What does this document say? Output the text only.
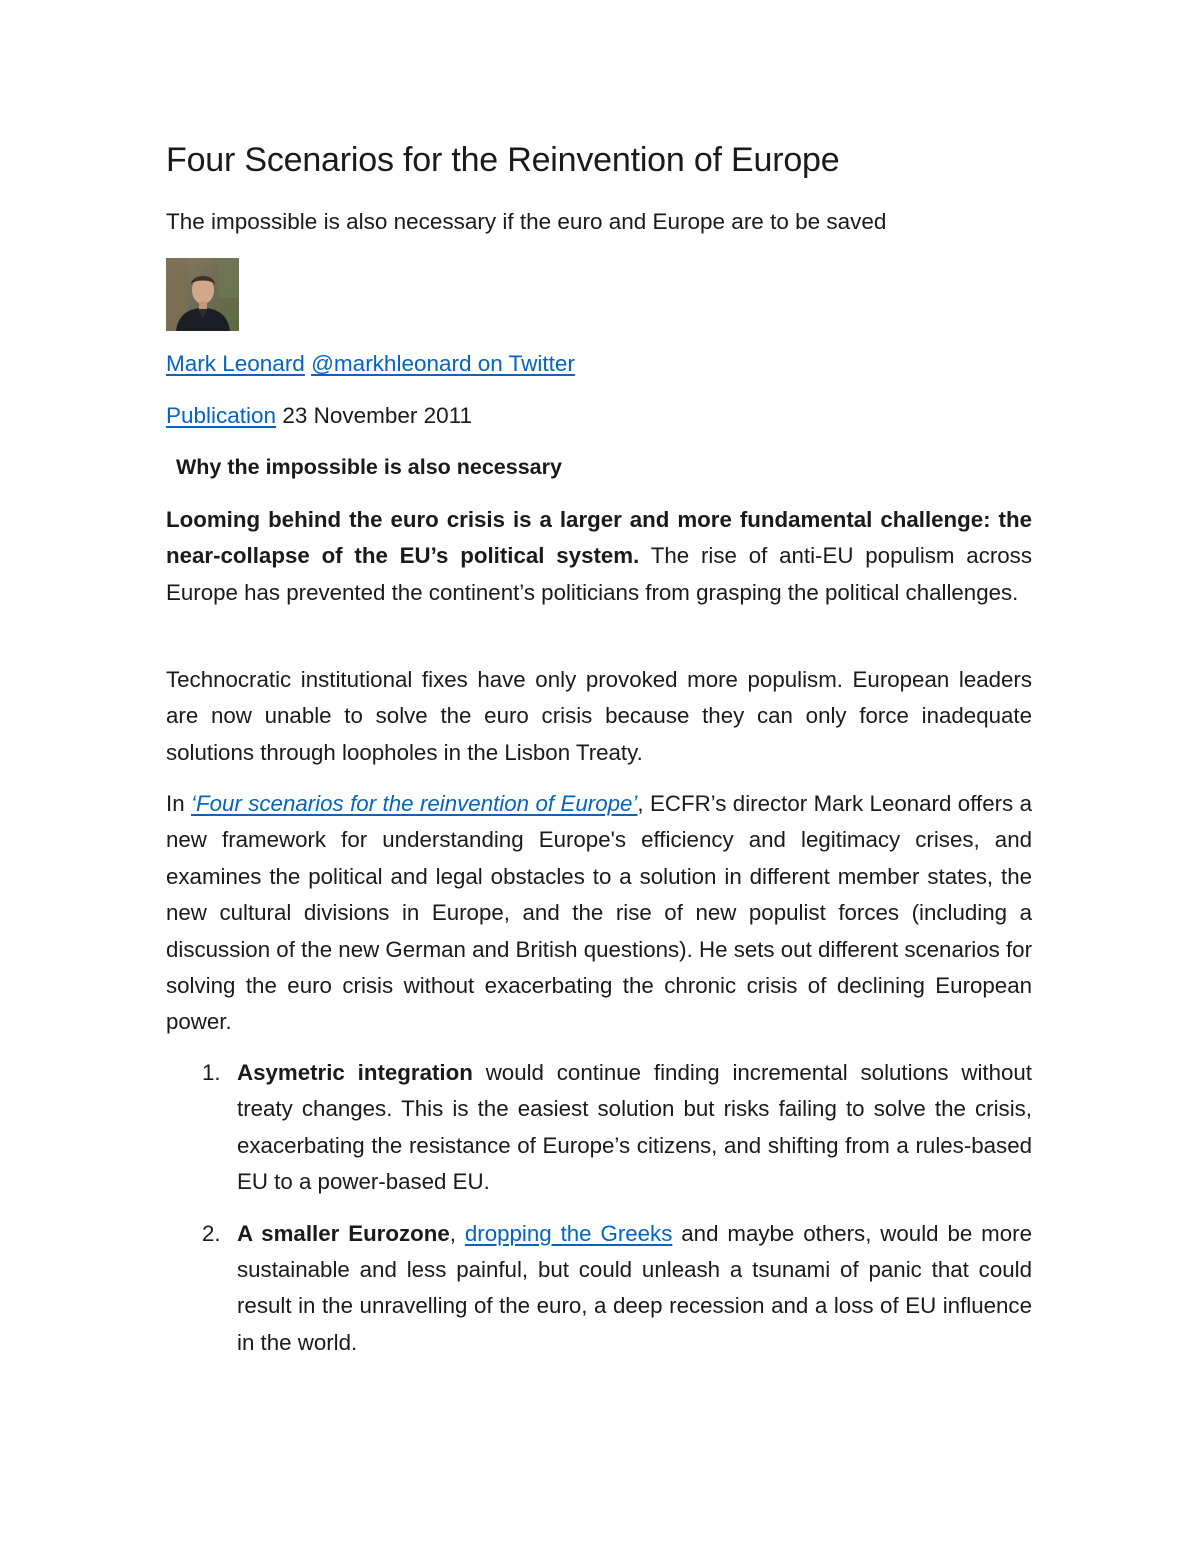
Four Scenarios for the Reinvention of Europe

The impossible is also necessary if the euro and Europe are to be saved

Mark Leonard @markhleonard on Twitter

Publication 23 November 2011

Why the impossible is also necessary

Looming behind the euro crisis is a larger and more fundamental challenge: the near-collapse of the EU’s political system. The rise of anti-EU populism across Europe has prevented the continent’s politicians from grasping the political challenges.

Technocratic institutional fixes have only provoked more populism. European leaders are now unable to solve the euro crisis because they can only force inadequate solutions through loopholes in the Lisbon Treaty.

In ‘Four scenarios for the reinvention of Europe’, ECFR’s director Mark Leonard offers a new framework for understanding Europe's efficiency and legitimacy crises, and examines the political and legal obstacles to a solution in different member states, the new cultural divisions in Europe, and the rise of new populist forces (including a discussion of the new German and British questions). He sets out different scenarios for solving the euro crisis without exacerbating the chronic crisis of declining European power.

1. Asymetric integration would continue finding incremental solutions without treaty changes. This is the easiest solution but risks failing to solve the crisis, exacerbating the resistance of Europe’s citizens, and shifting from a rules-based EU to a power-based EU.
2. A smaller Eurozone, dropping the Greeks and maybe others, would be more sustainable and less painful, but could unleash a tsunami of panic that could result in the unravelling of the euro, a deep recession and a loss of EU influence in the world.
